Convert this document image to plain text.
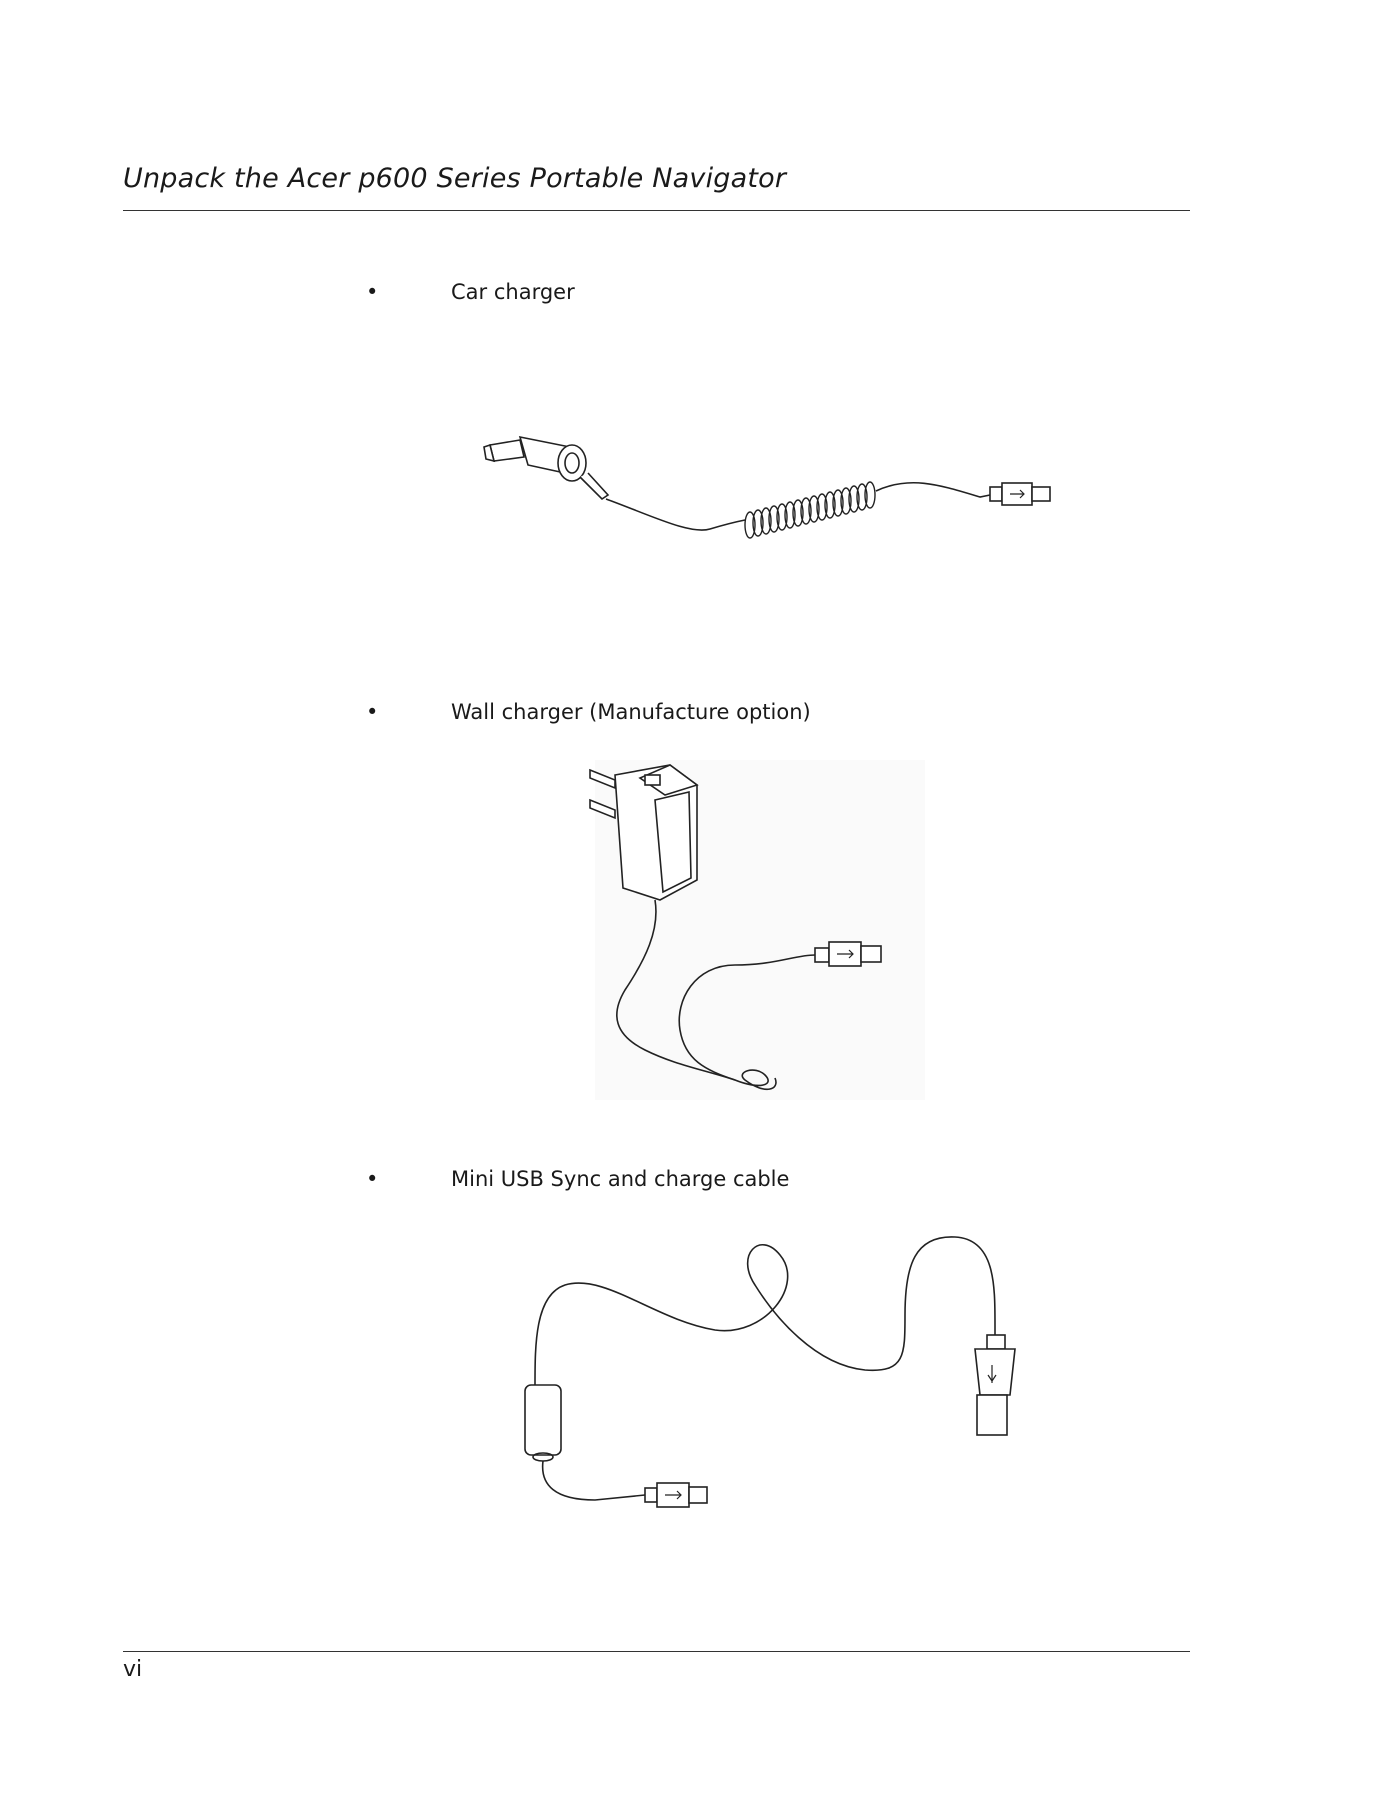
Unpack the Acer p600 Series Portable Navigator
•	Car charger
•	Wall charger (Manufacture option)
•	Mini USB Sync and charge cable
vi
